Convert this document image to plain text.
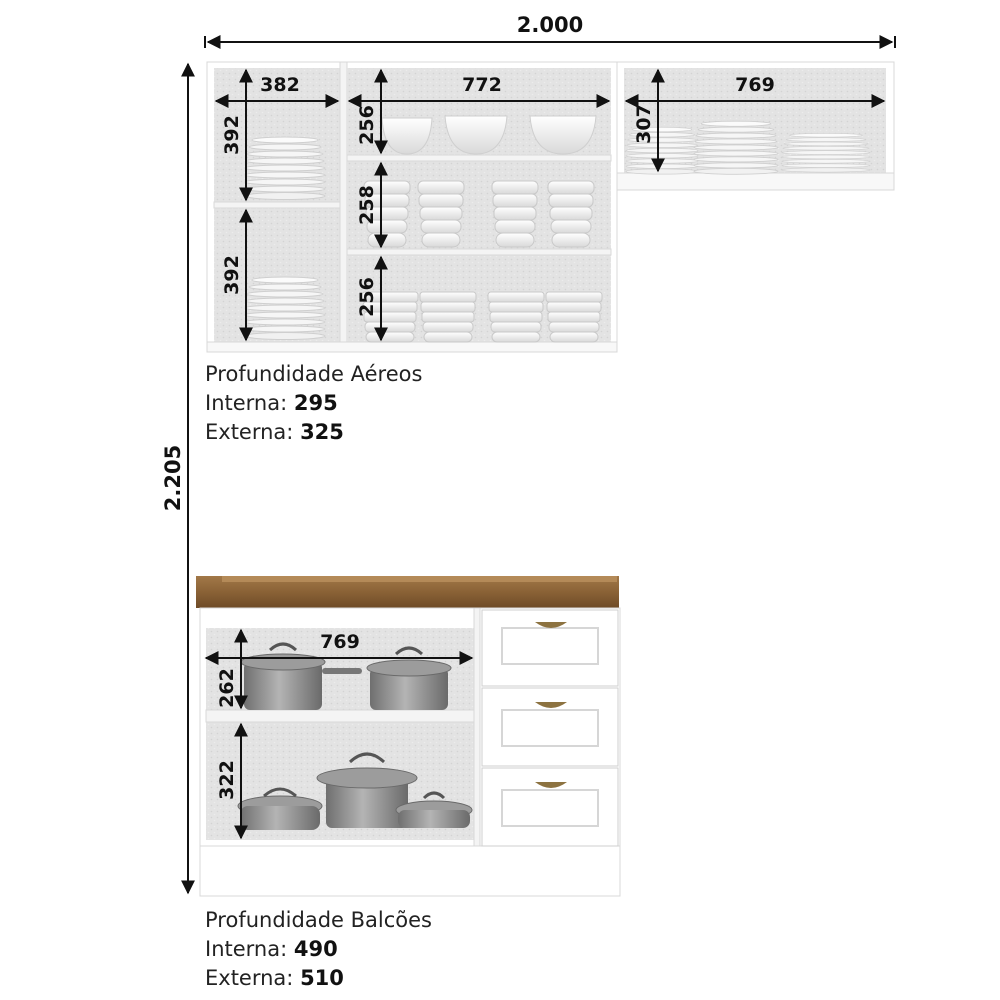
2.000
2.205
382
392
392
772
256
258
256
769
307
769
262
322
Profundidade Aéreos
Interna: 295
Externa: 325
Profundidade Balcões
Interna: 490
Externa: 510
